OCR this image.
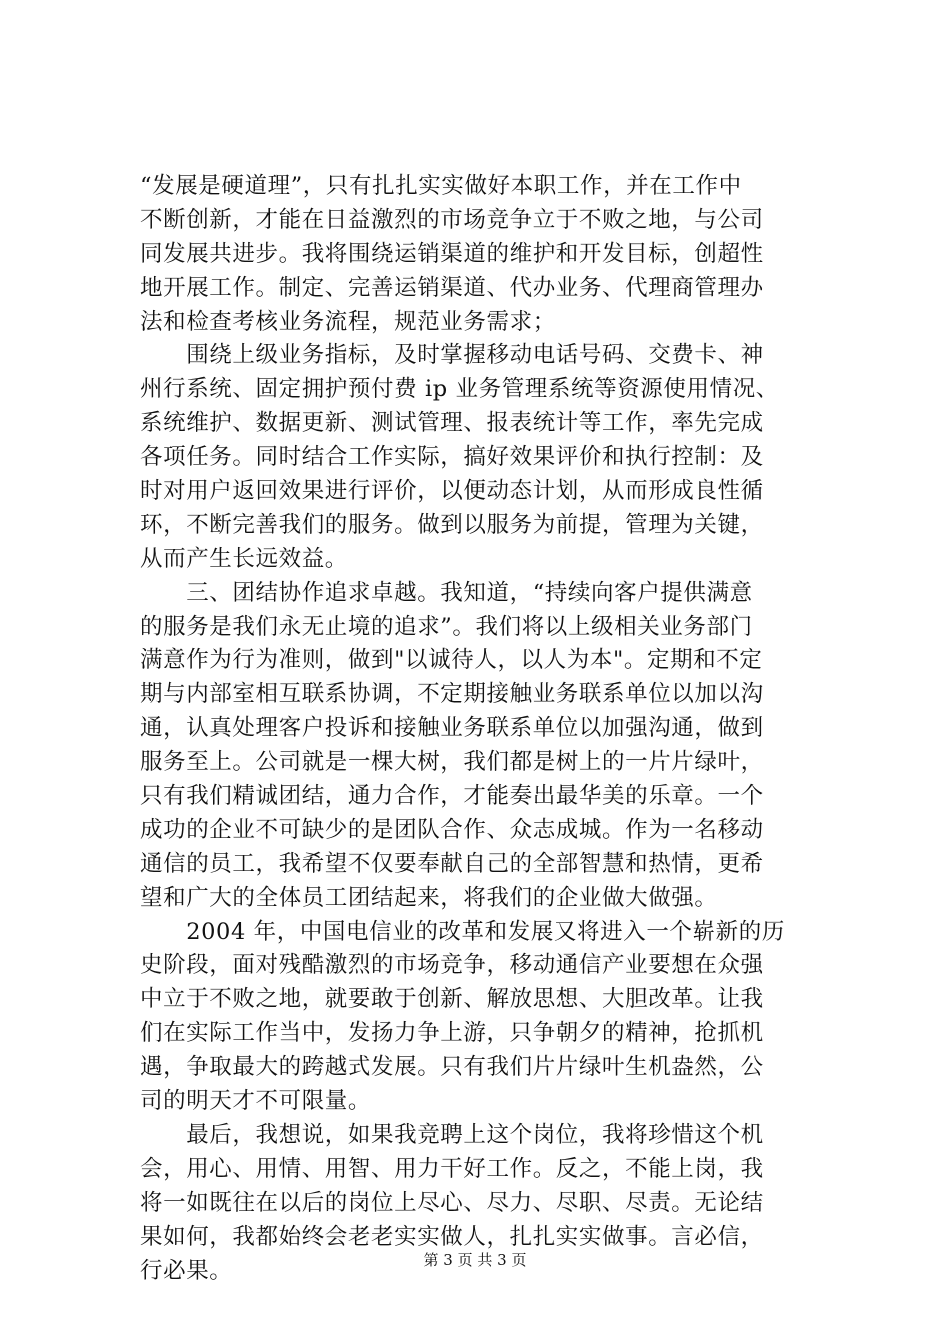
“发展是硬道理”，只有扎扎实实做好本职工作，并在工作中
不断创新，才能在日益激烈的市场竞争立于不败之地，与公司
同发展共进步。我将围绕运销渠道的维护和开发目标，创超性
地开展工作。制定、完善运销渠道、代办业务、代理商管理办
法和检查考核业务流程，规范业务需求；
　　围绕上级业务指标，及时掌握移动电话号码、交费卡、神
州行系统、固定拥护预付费 ip 业务管理系统等资源使用情况、
系统维护、数据更新、测试管理、报表统计等工作，率先完成
各项任务。同时结合工作实际，搞好效果评价和执行控制：及
时对用户返回效果进行评价，以便动态计划，从而形成良性循
环，不断完善我们的服务。做到以服务为前提，管理为关键，
从而产生长远效益。
　　三、团结协作追求卓越。我知道，“持续向客户提供满意
的服务是我们永无止境的追求”。我们将以上级相关业务部门
满意作为行为准则，做到"以诚待人，以人为本"。定期和不定
期与内部室相互联系协调，不定期接触业务联系单位以加以沟
通，认真处理客户投诉和接触业务联系单位以加强沟通，做到
服务至上。公司就是一棵大树，我们都是树上的一片片绿叶，
只有我们精诚团结，通力合作，才能奏出最华美的乐章。一个
成功的企业不可缺少的是团队合作、众志成城。作为一名移动
通信的员工，我希望不仅要奉献自己的全部智慧和热情，更希
望和广大的全体员工团结起来，将我们的企业做大做强。
　　2004 年，中国电信业的改革和发展又将进入一个崭新的历
史阶段，面对残酷激烈的市场竞争，移动通信产业要想在众强
中立于不败之地，就要敢于创新、解放思想、大胆改革。让我
们在实际工作当中，发扬力争上游，只争朝夕的精神，抢抓机
遇，争取最大的跨越式发展。只有我们片片绿叶生机盎然，公
司的明天才不可限量。
　　最后，我想说，如果我竞聘上这个岗位，我将珍惜这个机
会，用心、用情、用智、用力干好工作。反之，不能上岗，我
将一如既往在以后的岗位上尽心、尽力、尽职、尽责。无论结
果如何，我都始终会老老实实做人，扎扎实实做事。言必信，
行必果。	第 3 页 共 3 页
